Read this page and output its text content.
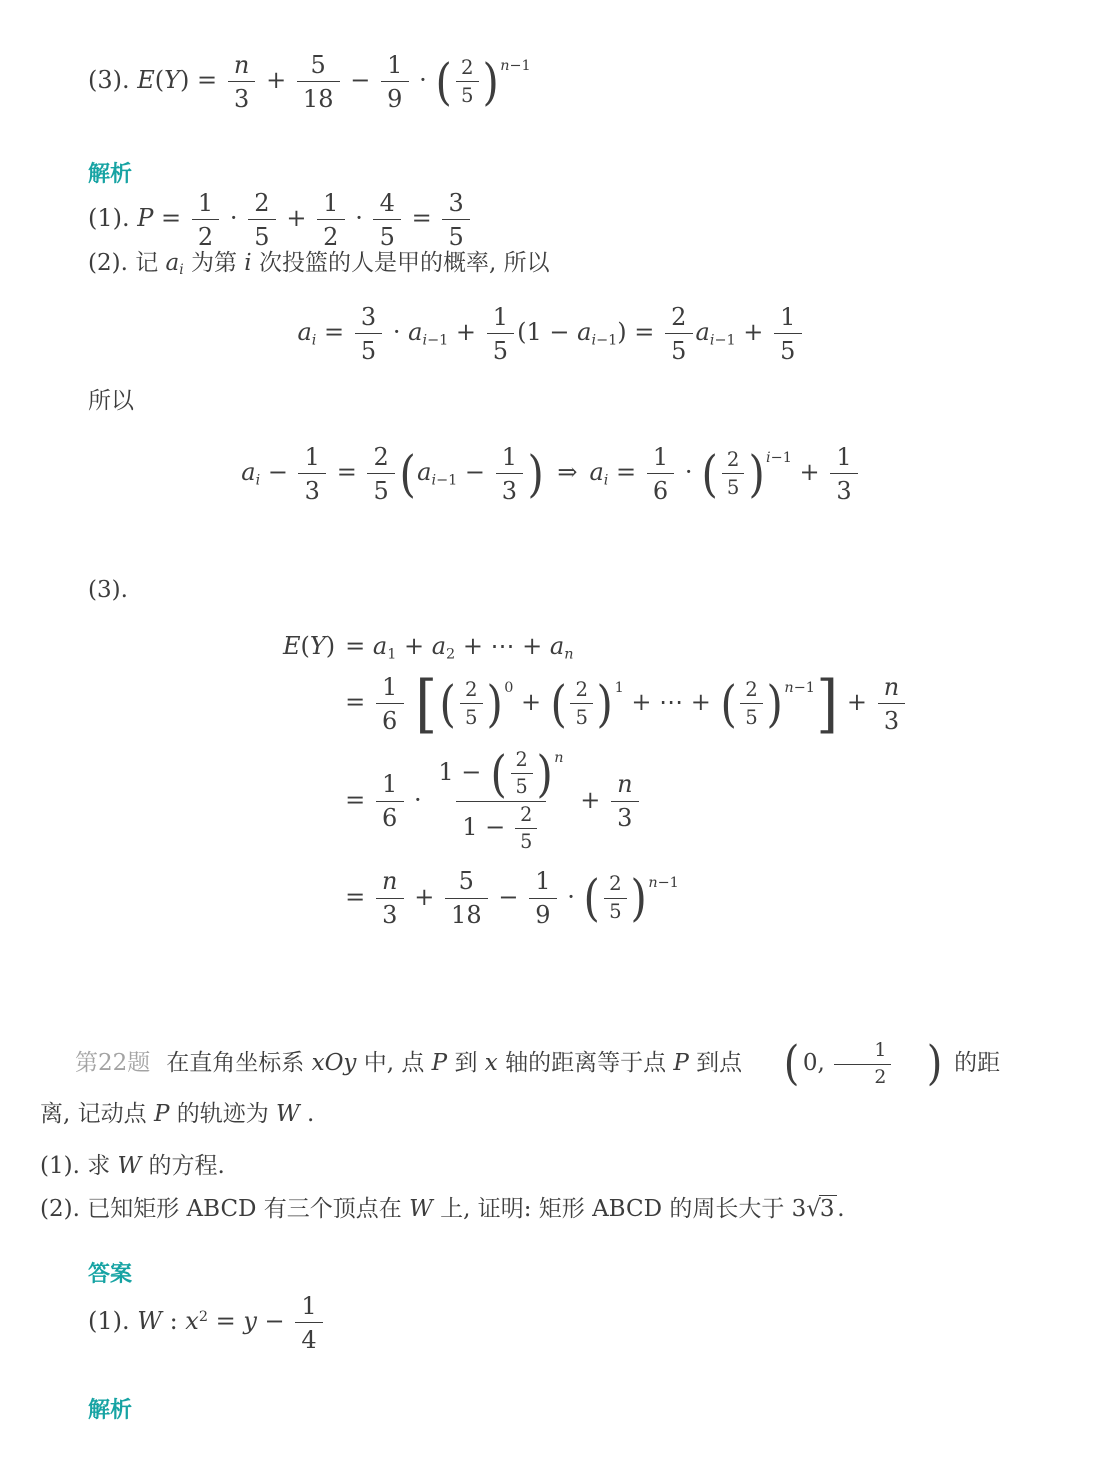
(3). $E(Y) = \frac{n}{3} + \frac{5}{18} - \frac{1}{9}$ · ( $\frac{2}{5} )^{n-1}$
解析
(1). $P = \frac{1}{2} \cdot \frac{2}{5} + \frac{1}{2} \cdot \frac{4}{5} = \frac{3}{5}$
(2). 记 ai 为第 i 次投篮的人是甲的概率, 所以
ai = $\frac{3}{5} \cdot ai-1 + \frac{1}{5} (1 - ai-1) = \frac{2}{5} ai-1 + \frac{1}{5}$
所以
ai − $\frac{1}{3} = \frac{2}{5} (ai-1 - \frac{1}{3}$ ) ⇒ ai = $\frac{1}{6}$ · ( $\frac{2}{5} )^{i-1} + \frac{1}{3}$
(3).
E(Y) = a1 + a2 + ⋯ + an
= $\frac{1}{6}$ [( $\frac{2}{5} )^0$ + ( $\frac{2}{5} )^1$ + ⋯ + ( $\frac{2}{5} )^{n-1}] + \frac{n}{3}$
= $\frac{1}{6} \cdot \frac{1 - ( \frac{2}{5} )^n}{1 - \frac{2}{5}} + \frac{n}{3}$
= $\frac{n}{3} + \frac{5}{18} - \frac{1}{9}$ · ( $\frac{2}{5} )^{n-1}$
第22题 在直角坐标系 xOy 中, 点 P 到 x 轴的距离等于点 P 到点 ( 0, $\frac{1}{2}$ ) 的距离, 记动点 P 的轨迹为 W .
(1). 求 W 的方程.
(2). 已知矩形 ABCD 有三个顶点在 W 上, 证明: 矩形 ABCD 的周长大于 3√3 .
答案
(1). W : $x^2 = y - \frac{1}{4}$
解析
